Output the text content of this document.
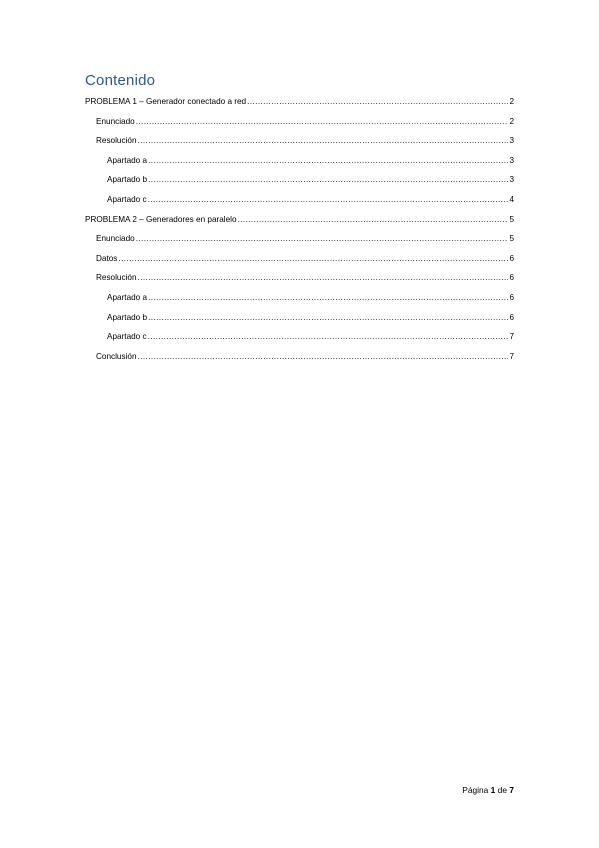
Contenido
PROBLEMA 1 – Generador conectado a red .....	2
Enunciado .....	2
Resolución .....	3
Apartado a .....	3
Apartado b .....	3
Apartado c .....	4
PROBLEMA 2 – Generadores en paralelo .....	5
Enunciado .....	5
Datos .....	6
Resolución .....	6
Apartado a .....	6
Apartado b .....	6
Apartado c .....	7
Conclusión .....	7
Página 1 de 7
